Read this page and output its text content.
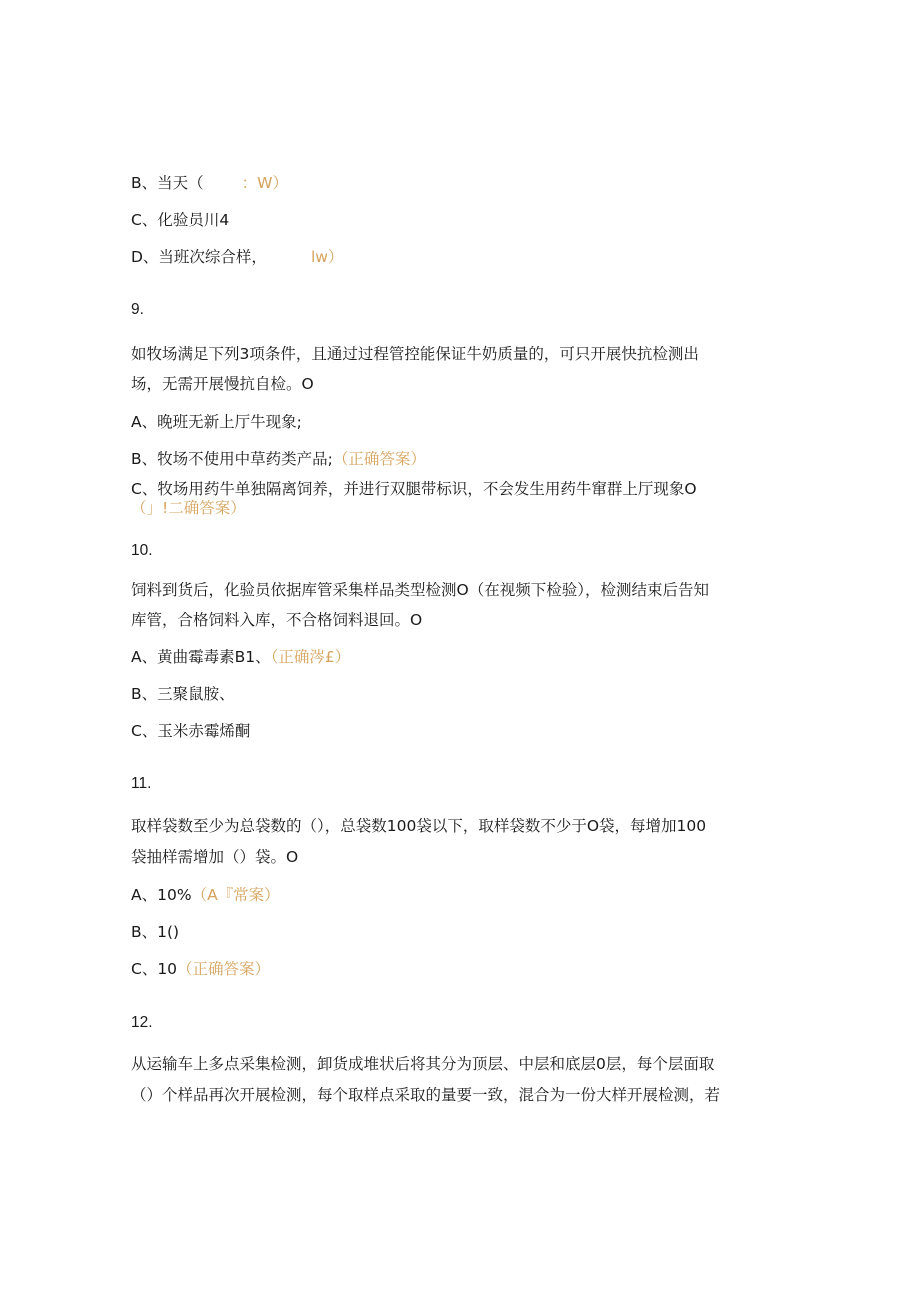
B、当天（ ：W）
C、化验员川4
D、当班次综合样，	lw）
9.
如牧场满足下列3项条件，且通过过程管控能保证牛奶质量的，可只开展快抗检测出
场，无需开展慢抗自检。O
A、晚班无新上厅牛现象;
B、牧场不使用中草药类产品;（正确答案）
C、牧场用药牛单独隔离饲养，并进行双腿带标识，不会发生用药牛窜群上厅现象O
（」!二确答案）
10.
饲料到货后，化验员依据库管采集样品类型检测O（在视频下检验），检测结束后告知
库管，合格饲料入库，不合格饲料退回。O
A、黄曲霉毒素B1、（正确涔£）
B、三聚鼠胺、
C、玉米赤霉烯酮
11.
取样袋数至少为总袋数的（），总袋数100袋以下，取样袋数不少于O袋，每增加100
袋抽样需增加（）袋。O
A、10%（A『常案）
B、1()
C、10（正确答案）
12.
从运输车上多点采集检测，卸货成堆状后将其分为顶层、中层和底层0层，每个层面取
（）个样品再次开展检测，每个取样点采取的量要一致，混合为一份大样开展检测，若
